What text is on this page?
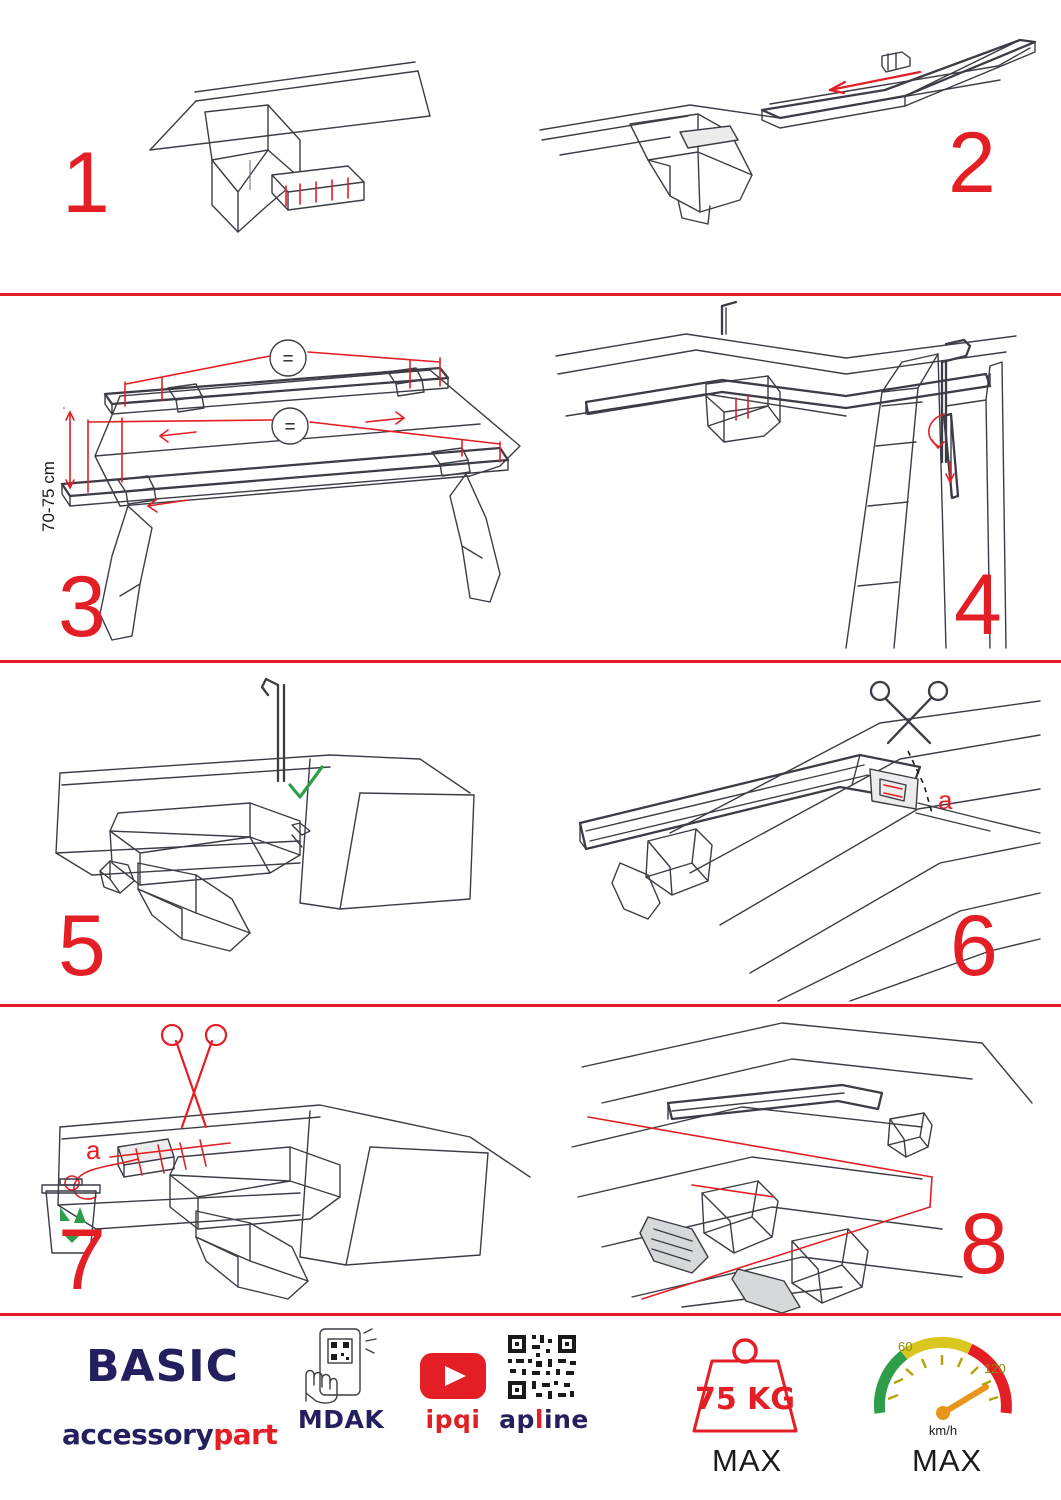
1	2
=
=
70-75 cm
3	4
5
a
6
a
7	8
BASIC
accessorypart MDAK	ipqi apline
75 KG
MAX
60
120
km/h
MAX
